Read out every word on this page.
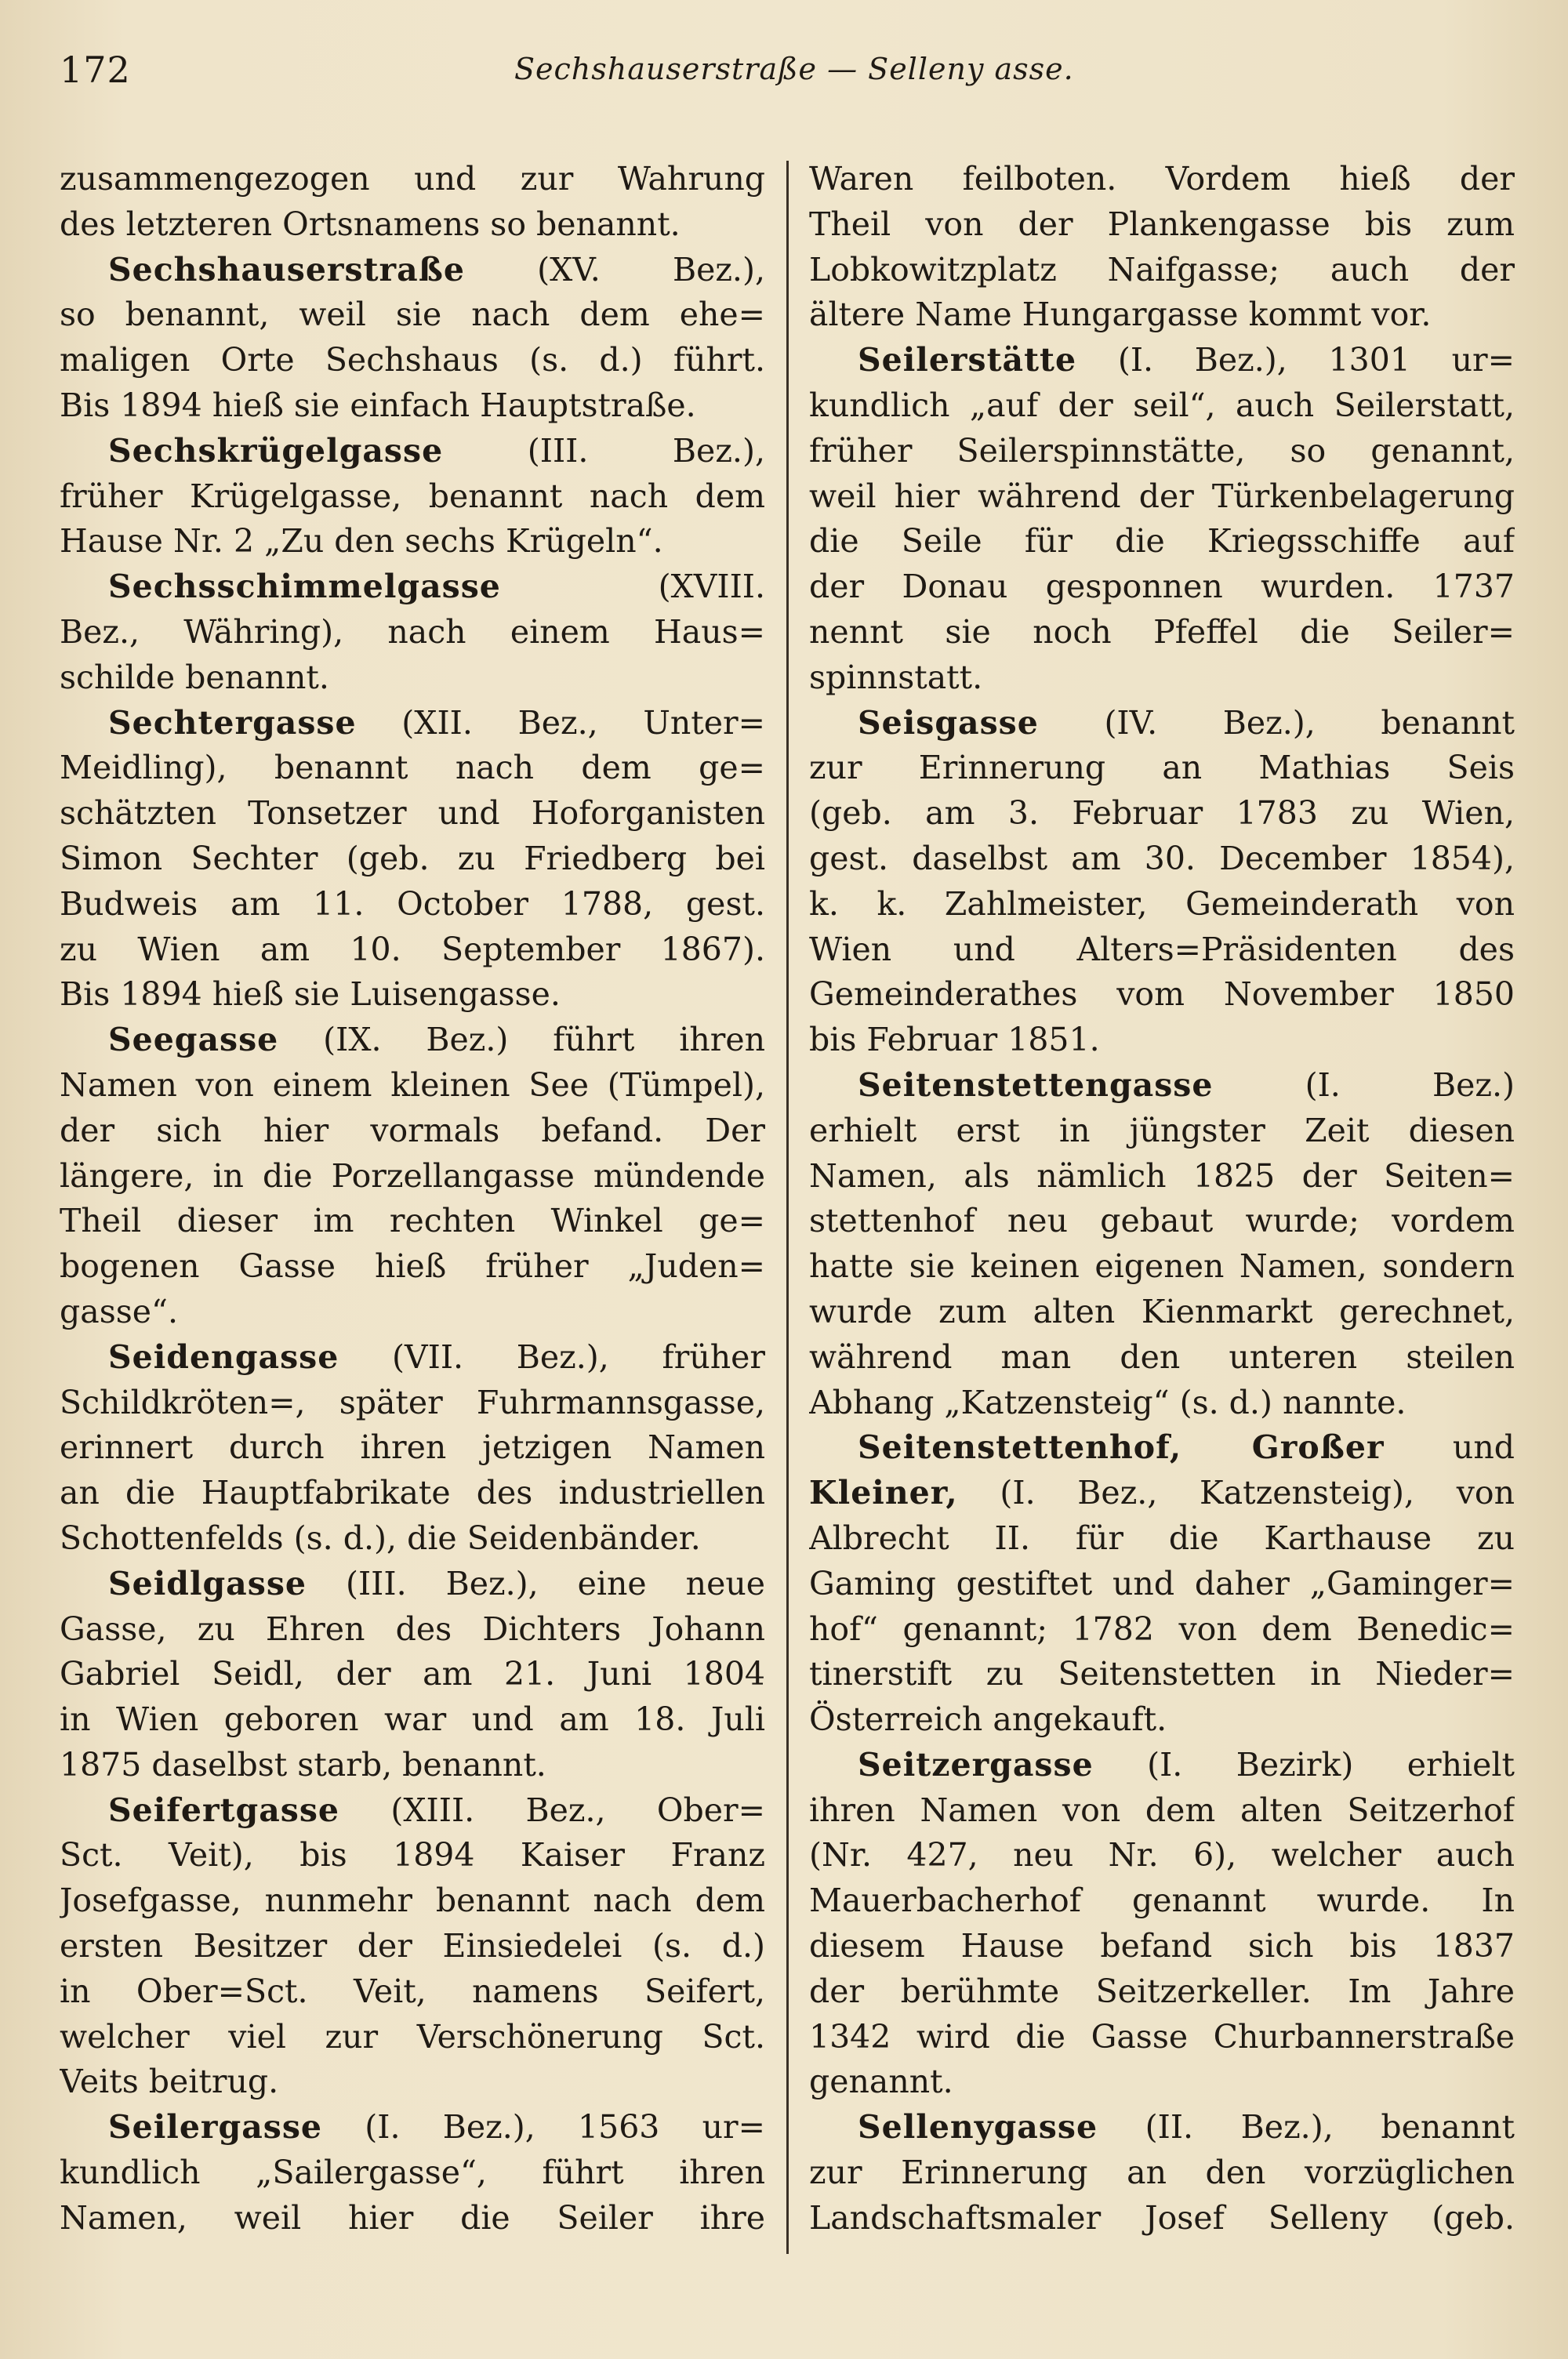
172	Sechshauserstraße — Selleny asse.
zusammengezogen und zur Wahrung
des letzteren Ortsnamens so benannt.
Sechshauserstraße (XV. Bez.),
so benannt, weil sie nach dem ehe=
maligen Orte Sechshaus (s. d.) führt.
Bis 1894 hieß sie einfach Hauptstraße.
Sechskrügelgasse (III. Bez.),
früher Krügelgasse, benannt nach dem
Hause Nr. 2 „Zu den sechs Krügeln“.
Sechsschimmelgasse (XVIII.
Bez., Währing), nach einem Haus=
schilde benannt.
Sechtergasse (XII. Bez., Unter=
Meidling), benannt nach dem ge=
schätzten Tonsetzer und Hoforganisten
Simon Sechter (geb. zu Friedberg bei
Budweis am 11. October 1788, gest.
zu Wien am 10. September 1867).
Bis 1894 hieß sie Luisengasse.
Seegasse (IX. Bez.) führt ihren
Namen von einem kleinen See (Tümpel),
der sich hier vormals befand. Der
längere, in die Porzellangasse mündende
Theil dieser im rechten Winkel ge=
bogenen Gasse hieß früher „Juden=
gasse“.
Seidengasse (VII. Bez.), früher
Schildkröten=, später Fuhrmannsgasse,
erinnert durch ihren jetzigen Namen
an die Hauptfabrikate des industriellen
Schottenfelds (s. d.), die Seidenbänder.
Seidlgasse (III. Bez.), eine neue
Gasse, zu Ehren des Dichters Johann
Gabriel Seidl, der am 21. Juni 1804
in Wien geboren war und am 18. Juli
1875 daselbst starb, benannt.
Seifertgasse (XIII. Bez., Ober=
Sct. Veit), bis 1894 Kaiser Franz
Josefgasse, nunmehr benannt nach dem
ersten Besitzer der Einsiedelei (s. d.)
in Ober=Sct. Veit, namens Seifert,
welcher viel zur Verschönerung Sct.
Veits beitrug.
Seilergasse (I. Bez.), 1563 ur=
kundlich „Sailergasse“, führt ihren
Namen, weil hier die Seiler ihre
Waren feilboten. Vordem hieß der
Theil von der Plankengasse bis zum
Lobkowitzplatz Naifgasse; auch der
ältere Name Hungargasse kommt vor.
Seilerstätte (I. Bez.), 1301 ur=
kundlich „auf der seil“, auch Seilerstatt,
früher Seilerspinnstätte, so genannt,
weil hier während der Türkenbelagerung
die Seile für die Kriegsschiffe auf
der Donau gesponnen wurden. 1737
nennt sie noch Pfeffel die Seiler=
spinnstatt.
Seisgasse (IV. Bez.), benannt
zur Erinnerung an Mathias Seis
(geb. am 3. Februar 1783 zu Wien,
gest. daselbst am 30. December 1854),
k. k. Zahlmeister, Gemeinderath von
Wien und Alters=Präsidenten des
Gemeinderathes vom November 1850
bis Februar 1851.
Seitenstettengasse (I. Bez.)
erhielt erst in jüngster Zeit diesen
Namen, als nämlich 1825 der Seiten=
stettenhof neu gebaut wurde; vordem
hatte sie keinen eigenen Namen, sondern
wurde zum alten Kienmarkt gerechnet,
während man den unteren steilen
Abhang „Katzensteig“ (s. d.) nannte.
Seitenstettenhof, Großer und
Kleiner, (I. Bez., Katzensteig), von
Albrecht II. für die Karthause zu
Gaming gestiftet und daher „Gaminger=
hof“ genannt; 1782 von dem Benedic=
tinerstift zu Seitenstetten in Nieder=
Österreich angekauft.
Seitzergasse (I. Bezirk) erhielt
ihren Namen von dem alten Seitzerhof
(Nr. 427, neu Nr. 6), welcher auch
Mauerbacherhof genannt wurde. In
diesem Hause befand sich bis 1837
der berühmte Seitzerkeller. Im Jahre
1342 wird die Gasse Churbannerstraße
genannt.
Sellenygasse (II. Bez.), benannt
zur Erinnerung an den vorzüglichen
Landschaftsmaler Josef Selleny (geb.
